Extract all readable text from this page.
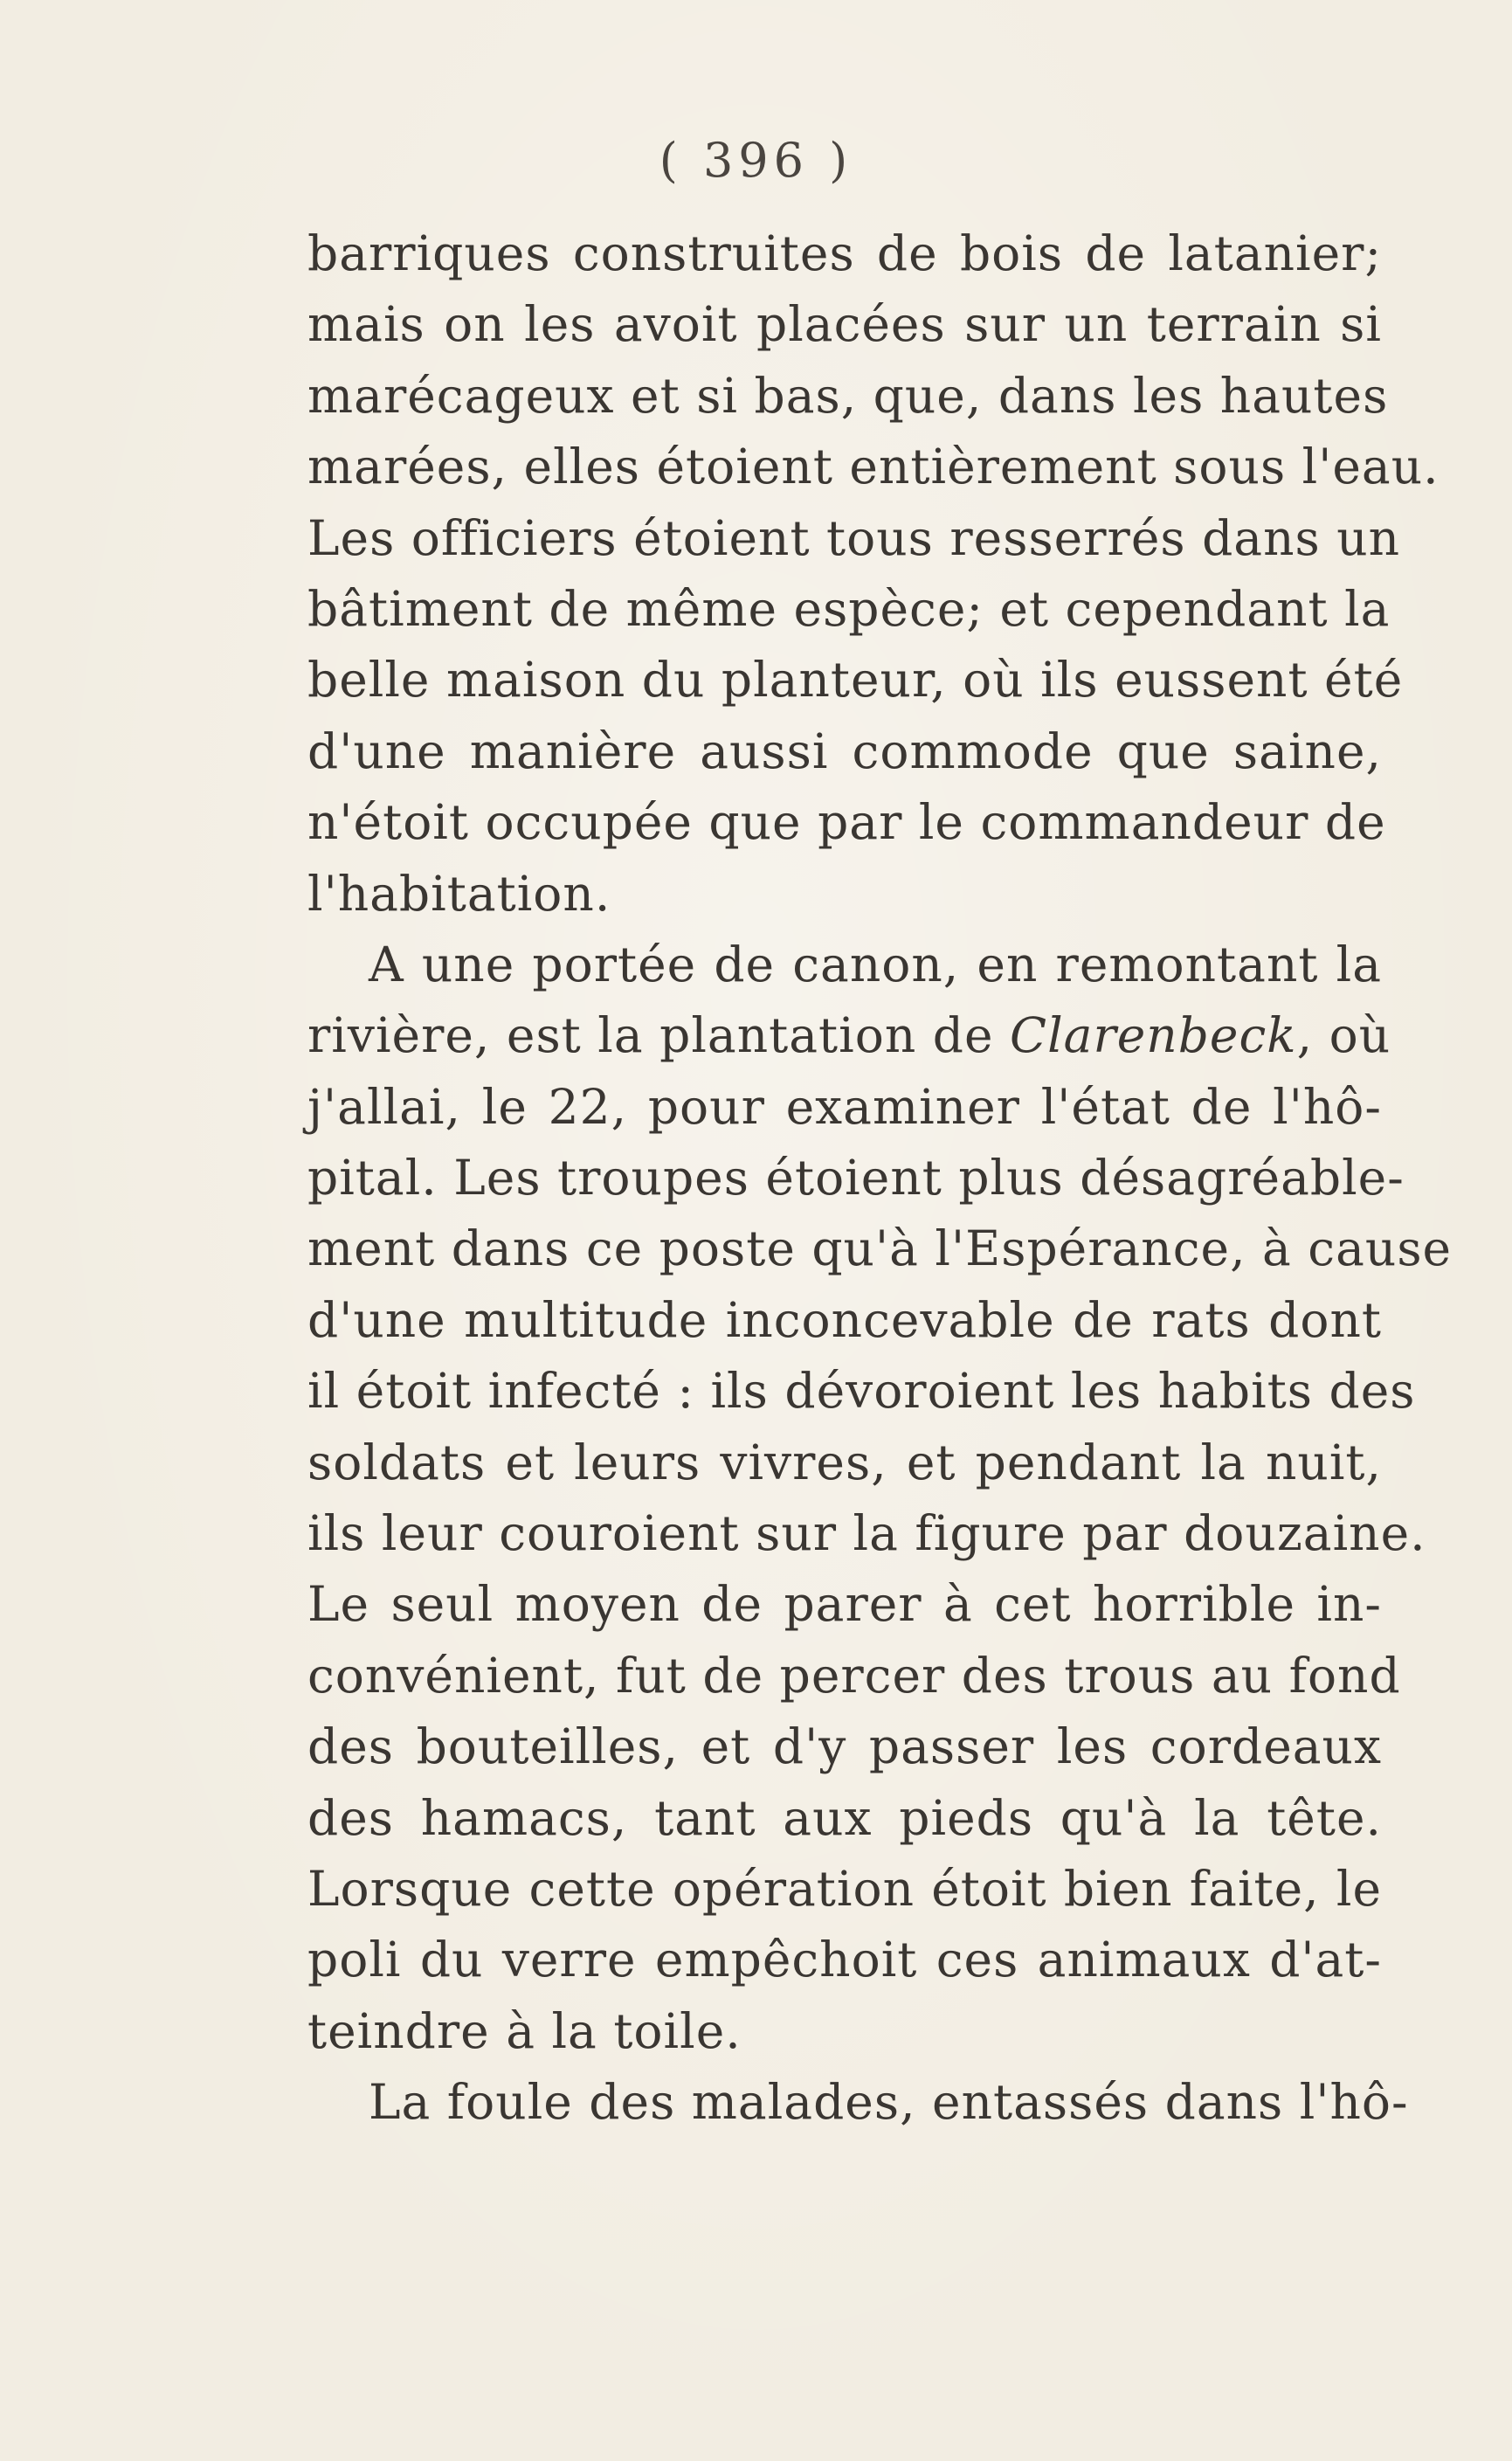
( 396 )
barriques construites de bois de latanier;
mais on les avoit placées sur un terrain si
marécageux et si bas, que, dans les hautes
marées, elles étoient entièrement sous l'eau.
Les officiers étoient tous resserrés dans un
bâtiment de même espèce; et cependant la
belle maison du planteur, où ils eussent été
d'une manière aussi commode que saine,
n'étoit occupée que par le commandeur de
l'habitation.
A une portée de canon, en remontant la
rivière, est la plantation de Clarenbeck, où
j'allai, le 22, pour examiner l'état de l'hô-
pital. Les troupes étoient plus désagréable-
ment dans ce poste qu'à l'Espérance, à cause
d'une multitude inconcevable de rats dont
il étoit infecté : ils dévoroient les habits des
soldats et leurs vivres, et pendant la nuit,
ils leur couroient sur la figure par douzaine.
Le seul moyen de parer à cet horrible in-
convénient, fut de percer des trous au fond
des bouteilles, et d'y passer les cordeaux
des hamacs, tant aux pieds qu'à la tête.
Lorsque cette opération étoit bien faite, le
poli du verre empêchoit ces animaux d'at-
teindre à la toile.
La foule des malades, entassés dans l'hô-
